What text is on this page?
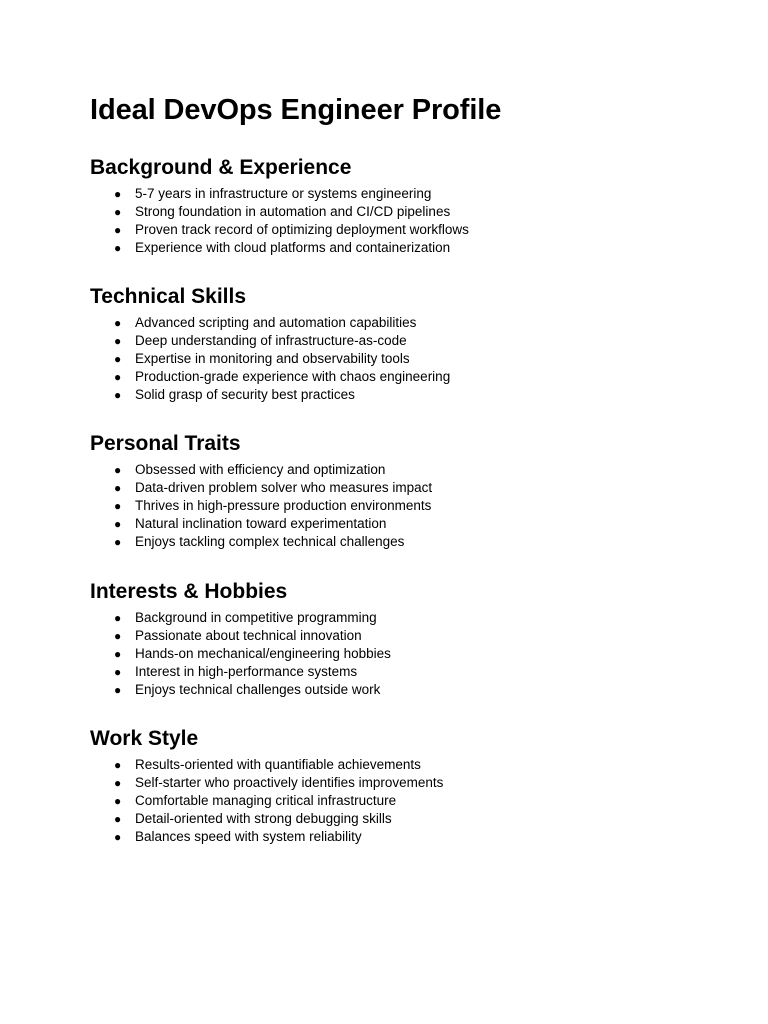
Ideal DevOps Engineer Profile
Background & Experience
● 5-7 years in infrastructure or systems engineering
● Strong foundation in automation and CI/CD pipelines
● Proven track record of optimizing deployment workflows
● Experience with cloud platforms and containerization
Technical Skills
● Advanced scripting and automation capabilities
● Deep understanding of infrastructure-as-code
● Expertise in monitoring and observability tools
● Production-grade experience with chaos engineering
● Solid grasp of security best practices
Personal Traits
● Obsessed with efficiency and optimization
● Data-driven problem solver who measures impact
● Thrives in high-pressure production environments
● Natural inclination toward experimentation
● Enjoys tackling complex technical challenges
Interests & Hobbies
● Background in competitive programming
● Passionate about technical innovation
● Hands-on mechanical/engineering hobbies
● Interest in high-performance systems
● Enjoys technical challenges outside work
Work Style
● Results-oriented with quantifiable achievements
● Self-starter who proactively identifies improvements
● Comfortable managing critical infrastructure
● Detail-oriented with strong debugging skills
● Balances speed with system reliability
